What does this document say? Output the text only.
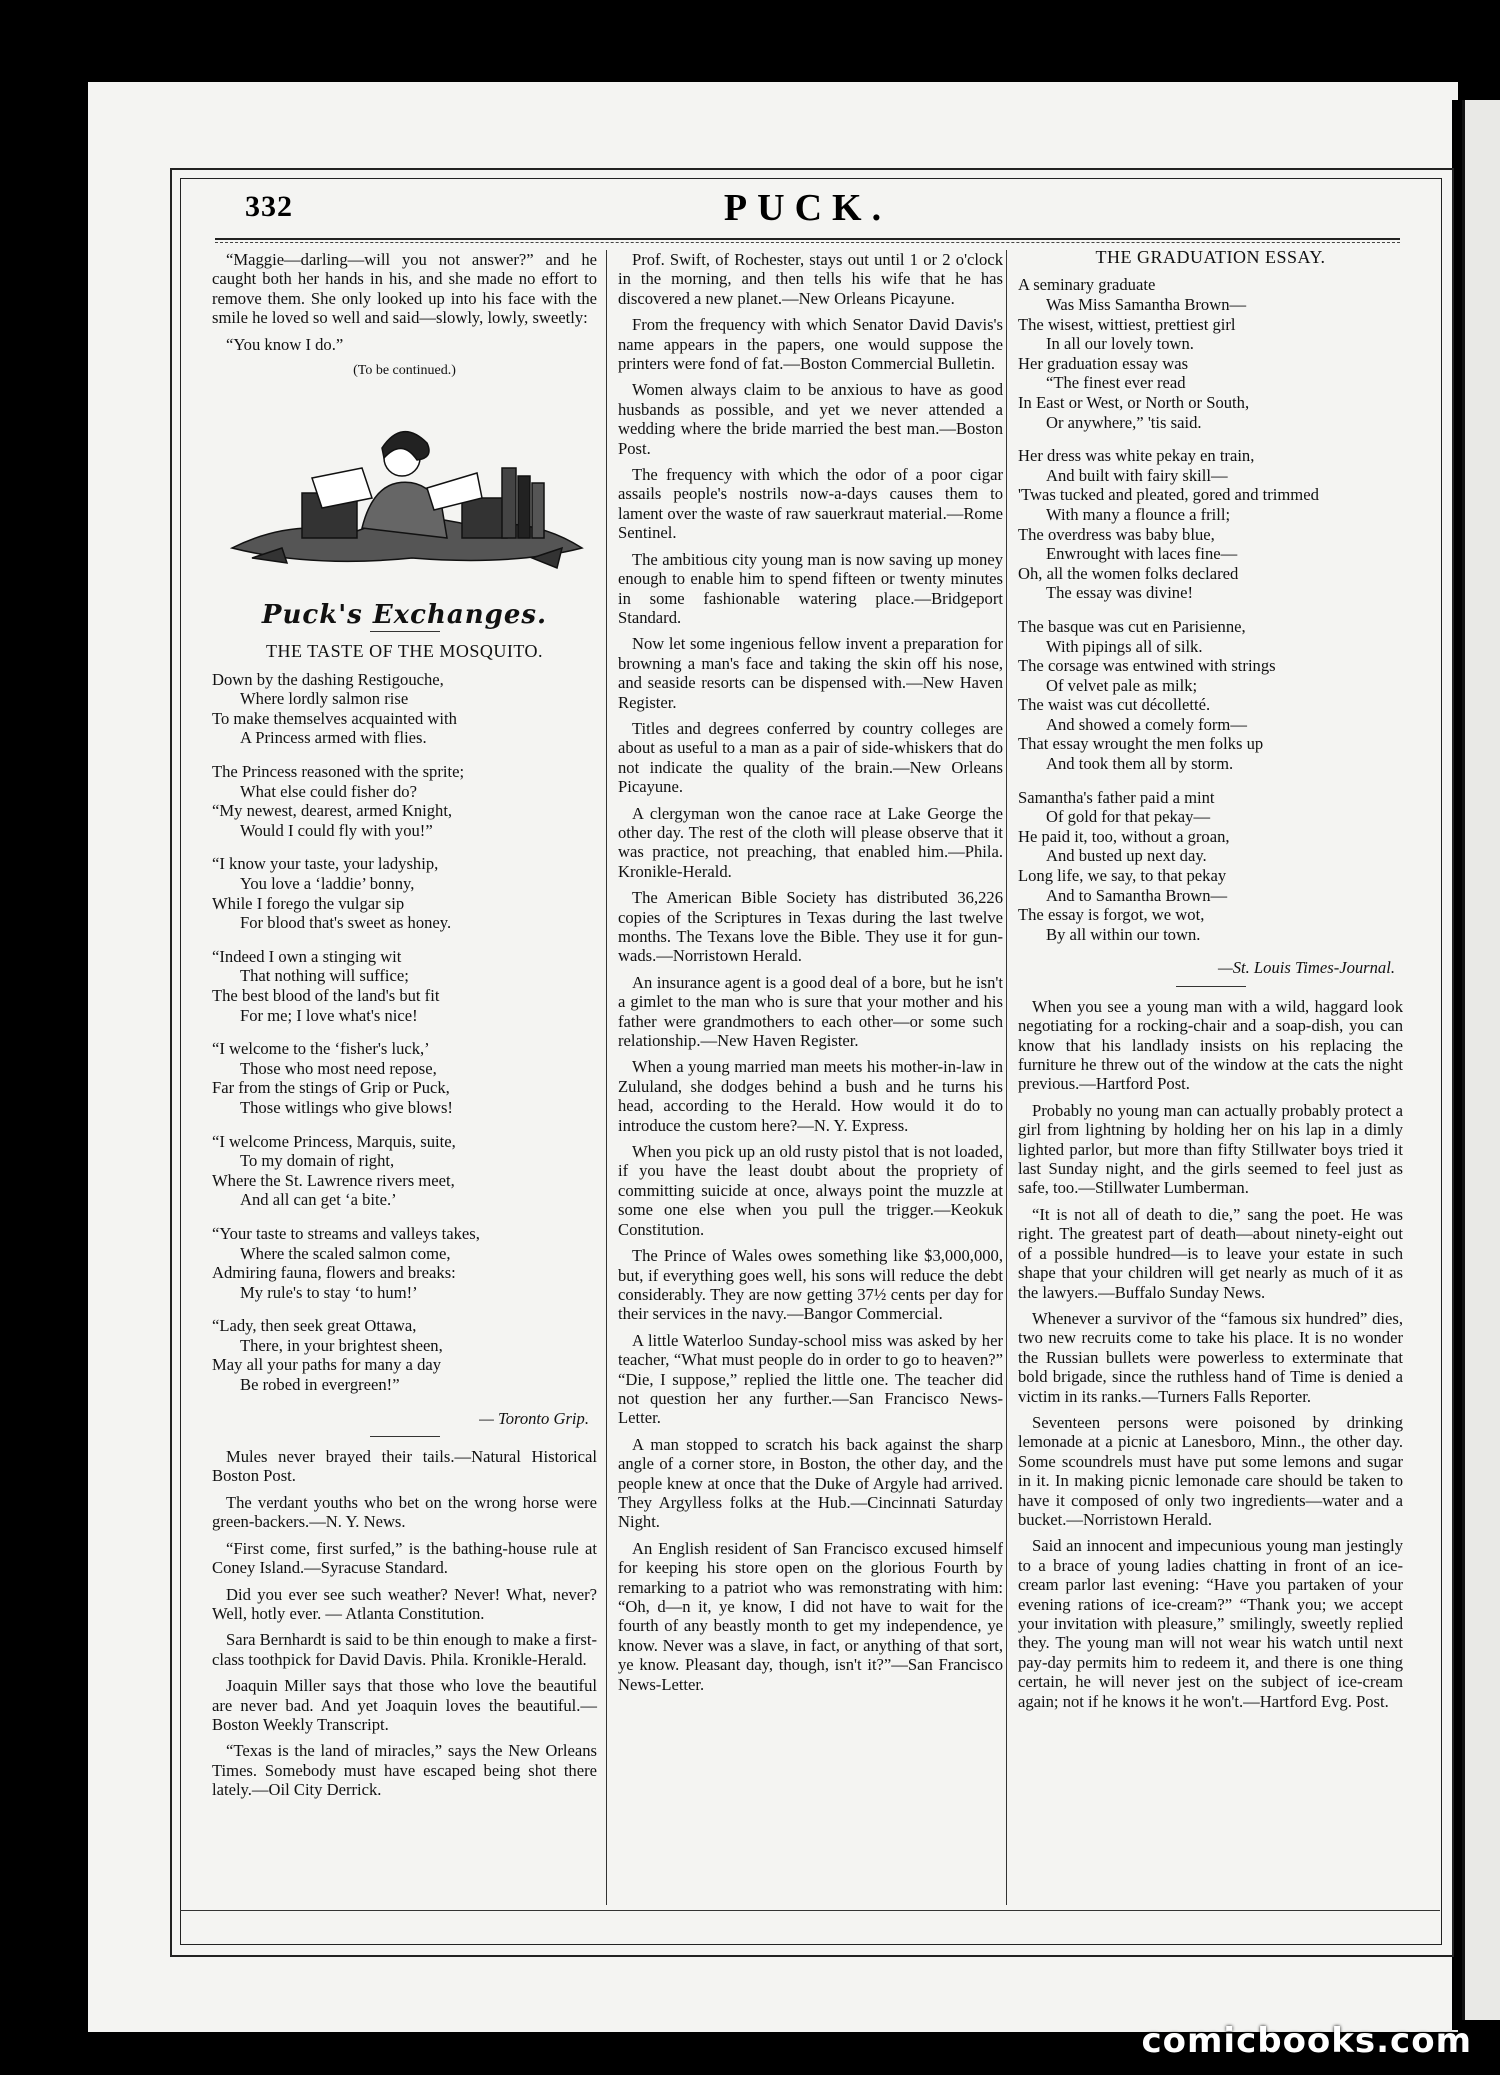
332	PUCK.

“Maggie—darling—will you not answer?” and he caught both her hands in his, and she made no effort to remove them. She only looked up into his face with the smile he loved so well and said—slowly, lowly, sweetly:

“You know I do.”

(To be continued.)
Puck's Exchanges.
THE TASTE OF THE MOSQUITO.
Down by the dashing Restigouche,
Where lordly salmon rise
To make themselves acquainted with
A Princess armed with flies.
The Princess reasoned with the sprite;
What else could fisher do?
“My newest, dearest, armed Knight,
Would I could fly with you!”
“I know your taste, your ladyship,
You love a ‘laddie’ bonny,
While I forego the vulgar sip
For blood that's sweet as honey.
“Indeed I own a stinging wit
That nothing will suffice;
The best blood of the land's but fit
For me; I love what's nice!
“I welcome to the ‘fisher's luck,’
Those who most need repose,
Far from the stings of Grip or Puck,
Those witlings who give blows!
“I welcome Princess, Marquis, suite,
To my domain of right,
Where the St. Lawrence rivers meet,
And all can get ‘a bite.’
“Your taste to streams and valleys takes,
Where the scaled salmon come,
Admiring fauna, flowers and breaks:
My rule's to stay ‘to hum!’
“Lady, then seek great Ottawa,
There, in your brightest sheen,
May all your paths for many a day
Be robed in evergreen!”
— Toronto Grip.

Mules never brayed their tails.—Natural Historical Boston Post.

The verdant youths who bet on the wrong horse were green-backers.—N. Y. News.

“First come, first surfed,” is the bathing-house rule at Coney Island.—Syracuse Standard.

Did you ever see such weather? Never! What, never? Well, hotly ever. — Atlanta Constitution.

Sara Bernhardt is said to be thin enough to make a first-class toothpick for David Davis. Phila. Kronikle-Herald.

Joaquin Miller says that those who love the beautiful are never bad. And yet Joaquin loves the beautiful.—Boston Weekly Transcript.

“Texas is the land of miracles,” says the New Orleans Times. Somebody must have escaped being shot there lately.—Oil City Derrick.

Prof. Swift, of Rochester, stays out until 1 or 2 o'clock in the morning, and then tells his wife that he has discovered a new planet.—New Orleans Picayune.

From the frequency with which Senator David Davis's name appears in the papers, one would suppose the printers were fond of fat.—Boston Commercial Bulletin.

Women always claim to be anxious to have as good husbands as possible, and yet we never attended a wedding where the bride married the best man.—Boston Post.

The frequency with which the odor of a poor cigar assails people's nostrils now-a-days causes them to lament over the waste of raw sauerkraut material.—Rome Sentinel.

The ambitious city young man is now saving up money enough to enable him to spend fifteen or twenty minutes in some fashionable watering place.—Bridgeport Standard.

Now let some ingenious fellow invent a preparation for browning a man's face and taking the skin off his nose, and seaside resorts can be dispensed with.—New Haven Register.

Titles and degrees conferred by country colleges are about as useful to a man as a pair of side-whiskers that do not indicate the quality of the brain.—New Orleans Picayune.

A clergyman won the canoe race at Lake George the other day. The rest of the cloth will please observe that it was practice, not preaching, that enabled him.—Phila. Kronikle-Herald.

The American Bible Society has distributed 36,226 copies of the Scriptures in Texas during the last twelve months. The Texans love the Bible. They use it for gun-wads.—Norristown Herald.

An insurance agent is a good deal of a bore, but he isn't a gimlet to the man who is sure that your mother and his father were grandmothers to each other—or some such relationship.—New Haven Register.

When a young married man meets his mother-in-law in Zululand, she dodges behind a bush and he turns his head, according to the Herald. How would it do to introduce the custom here?—N. Y. Express.

When you pick up an old rusty pistol that is not loaded, if you have the least doubt about the propriety of committing suicide at once, always point the muzzle at some one else when you pull the trigger.—Keokuk Constitution.

The Prince of Wales owes something like $3,000,000, but, if everything goes well, his sons will reduce the debt considerably. They are now getting 37½ cents per day for their services in the navy.—Bangor Commercial.

A little Waterloo Sunday-school miss was asked by her teacher, “What must people do in order to go to heaven?” “Die, I suppose,” replied the little one. The teacher did not question her any further.—San Francisco News-Letter.

A man stopped to scratch his back against the sharp angle of a corner store, in Boston, the other day, and the people knew at once that the Duke of Argyle had arrived. They Argylless folks at the Hub.—Cincinnati Saturday Night.

An English resident of San Francisco excused himself for keeping his store open on the glorious Fourth by remarking to a patriot who was remonstrating with him: “Oh, d—n it, ye know, I did not have to wait for the fourth of any beastly month to get my independence, ye know. Never was a slave, in fact, or anything of that sort, ye know. Pleasant day, though, isn't it?”—San Francisco News-Letter.

THE GRADUATION ESSAY.
A seminary graduate
Was Miss Samantha Brown—
The wisest, wittiest, prettiest girl
In all our lovely town.
Her graduation essay was
“The finest ever read
In East or West, or North or South,
Or anywhere,” 'tis said.
Her dress was white pekay en train,
And built with fairy skill—
'Twas tucked and pleated, gored and trimmed
With many a flounce a frill;
The overdress was baby blue,
Enwrought with laces fine—
Oh, all the women folks declared
The essay was divine!
The basque was cut en Parisienne,
With pipings all of silk.
The corsage was entwined with strings
Of velvet pale as milk;
The waist was cut décolletté.
And showed a comely form—
That essay wrought the men folks up
And took them all by storm.
Samantha's father paid a mint
Of gold for that pekay—
He paid it, too, without a groan,
And busted up next day.
Long life, we say, to that pekay
And to Samantha Brown—
The essay is forgot, we wot,
By all within our town.
—St. Louis Times-Journal.

When you see a young man with a wild, haggard look negotiating for a rocking-chair and a soap-dish, you can know that his landlady insists on his replacing the furniture he threw out of the window at the cats the night previous.—Hartford Post.

Probably no young man can actually probably protect a girl from lightning by holding her on his lap in a dimly lighted parlor, but more than fifty Stillwater boys tried it last Sunday night, and the girls seemed to feel just as safe, too.—Stillwater Lumberman.

“It is not all of death to die,” sang the poet. He was right. The greatest part of death—about ninety-eight out of a possible hundred—is to leave your estate in such shape that your children will get nearly as much of it as the lawyers.—Buffalo Sunday News.

Whenever a survivor of the “famous six hundred” dies, two new recruits come to take his place. It is no wonder the Russian bullets were powerless to exterminate that bold brigade, since the ruthless hand of Time is denied a victim in its ranks.—Turners Falls Reporter.

Seventeen persons were poisoned by drinking lemonade at a picnic at Lanesboro, Minn., the other day. Some scoundrels must have put some lemons and sugar in it. In making picnic lemonade care should be taken to have it composed of only two ingredients—water and a bucket.—Norristown Herald.

Said an innocent and impecunious young man jestingly to a brace of young ladies chatting in front of an ice-cream parlor last evening: “Have you partaken of your evening rations of ice-cream?” “Thank you; we accept your invitation with pleasure,” smilingly, sweetly replied they. The young man will not wear his watch until next pay-day permits him to redeem it, and there is one thing certain, he will never jest on the subject of ice-cream again; not if he knows it he won't.—Hartford Evg. Post.

comicbooks.com
